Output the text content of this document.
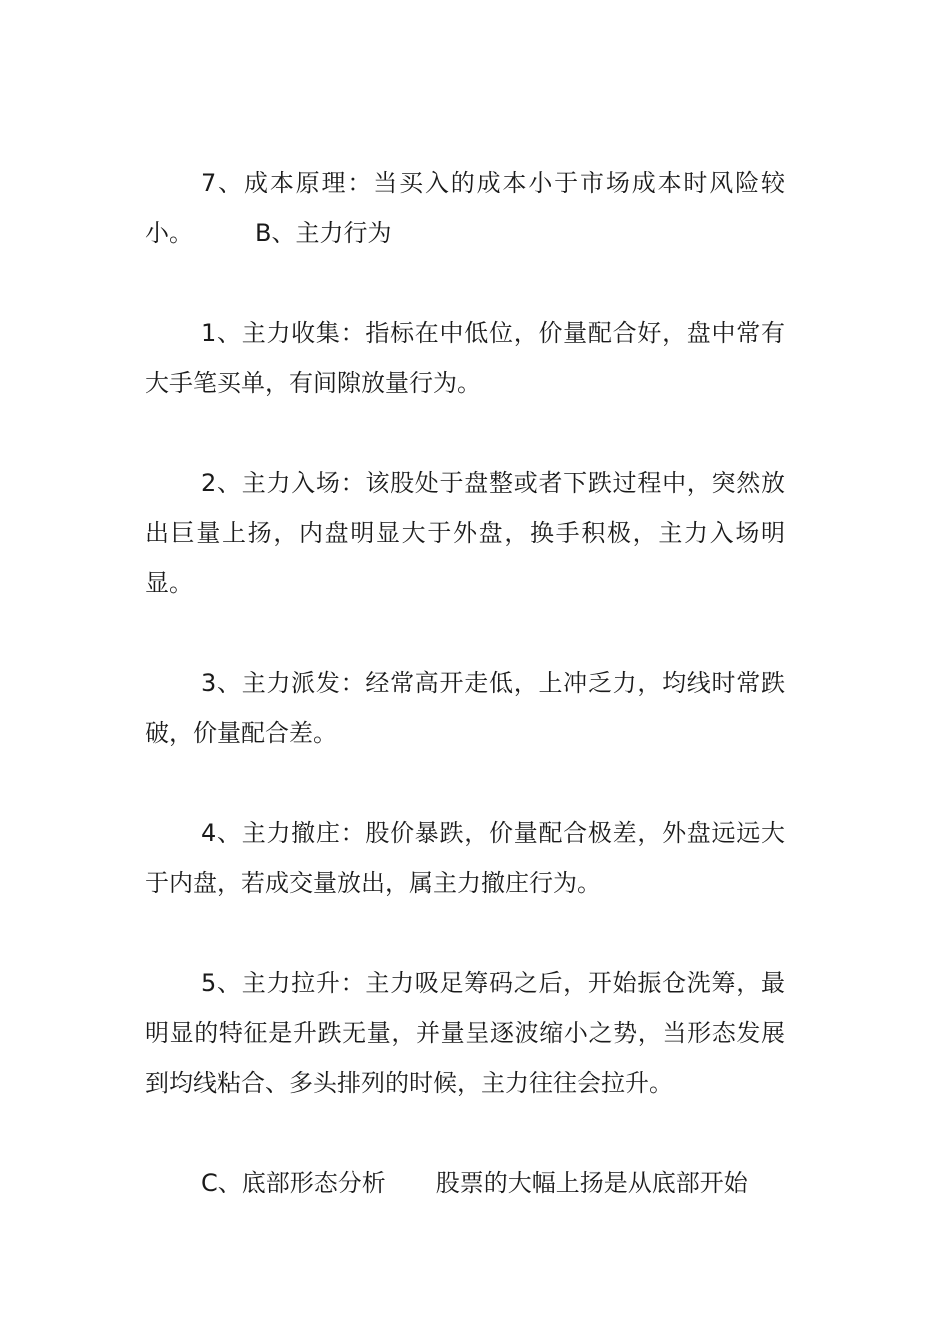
7、成本原理：当买入的成本小于市场成本时风险较小。	B、主力行为

1、主力收集：指标在中低位，价量配合好，盘中常有大手笔买单，有间隙放量行为。

2、主力入场：该股处于盘整或者下跌过程中，突然放出巨量上扬，内盘明显大于外盘，换手积极，主力入场明显。

3、主力派发：经常高开走低，上冲乏力，均线时常跌破，价量配合差。

4、主力撤庄：股价暴跌，价量配合极差，外盘远远大于内盘，若成交量放出，属主力撤庄行为。

5、主力拉升：主力吸足筹码之后，开始振仓洗筹，最明显的特征是升跌无量，并量呈逐波缩小之势，当形态发展到均线粘合、多头排列的时候，主力往往会拉升。

C、底部形态分析 股票的大幅上扬是从底部开始
